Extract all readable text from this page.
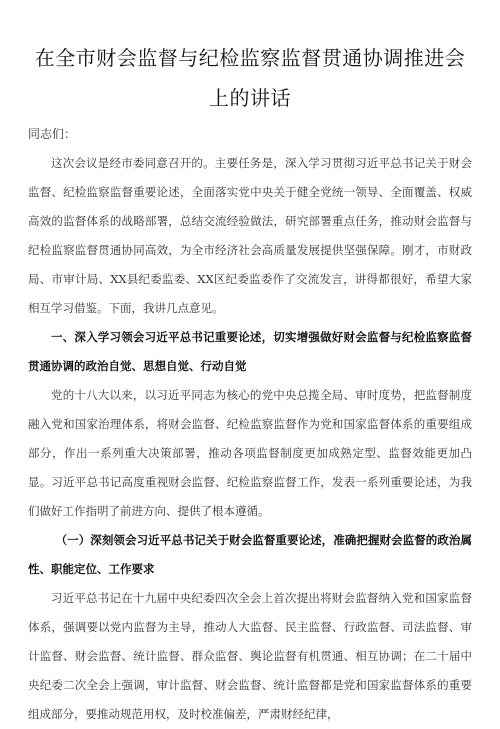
在全市财会监督与纪检监察监督贯通协调推进会上的讲话
同志们：

这次会议是经市委同意召开的。主要任务是，深入学习贯彻习近平总书记关于财会监督、纪检监察监督重要论述，全面落实党中央关于健全党统一领导、全面覆盖、权威高效的监督体系的战略部署，总结交流经验做法，研究部署重点任务，推动财会监督与纪检监察监督贯通协同高效，为全市经济社会高质量发展提供坚强保障。刚才，市财政局、市审计局、XX县纪委监委、XX区纪委监委作了交流发言，讲得都很好，希望大家相互学习借鉴。下面，我讲几点意见。

一、深入学习领会习近平总书记重要论述，切实增强做好财会监督与纪检监察监督贯通协调的政治自觉、思想自觉、行动自觉

党的十八大以来，以习近平同志为核心的党中央总揽全局、审时度势，把监督制度融入党和国家治理体系，将财会监督、纪检监察监督作为党和国家监督体系的重要组成部分，作出一系列重大决策部署，推动各项监督制度更加成熟定型、监督效能更加凸显。习近平总书记高度重视财会监督、纪检监察监督工作，发表一系列重要论述，为我们做好工作指明了前进方向、提供了根本遵循。

（一）深刻领会习近平总书记关于财会监督重要论述，准确把握财会监督的政治属性、职能定位、工作要求

习近平总书记在十九届中央纪委四次全会上首次提出将财会监督纳入党和国家监督体系，强调要以党内监督为主导，推动人大监督、民主监督、行政监督、司法监督、审计监督、财会监督、统计监督、群众监督、舆论监督有机贯通、相互协调；在二十届中央纪委二次全会上强调，审计监督、财会监督、统计监督都是党和国家监督体系的重要组成部分，要推动规范用权，及时校准偏差，严肃财经纪律，
